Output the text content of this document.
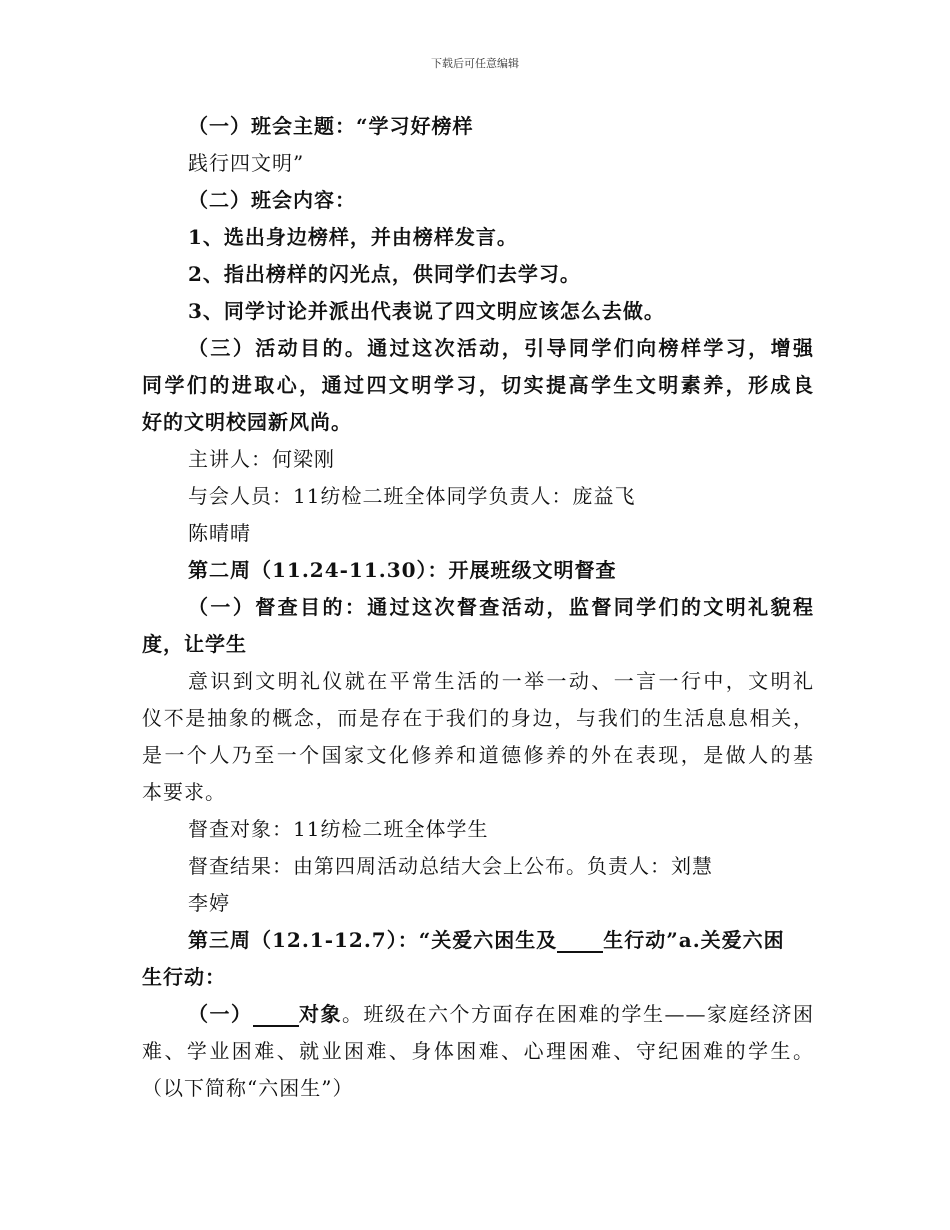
下载后可任意编辑
（一）班会主题：“学习好榜样
践行四文明”
（二）班会内容：
1、选出身边榜样，并由榜样发言。
2、指出榜样的闪光点，供同学们去学习。
3、同学讨论并派出代表说了四文明应该怎么去做。
（三）活动目的。通过这次活动，引导同学们向榜样学习，增强
同学们的进取心，通过四文明学习，切实提高学生文明素养，形成良
好的文明校园新风尚。
主讲人：何梁刚
与会人员：11纺检二班全体同学负责人：庞益飞
陈晴晴
第二周（11.24-11.30）：开展班级文明督查
（一）督查目的：通过这次督查活动，监督同学们的文明礼貌程
度，让学生
意识到文明礼仪就在平常生活的一举一动、一言一行中，文明礼
仪不是抽象的概念，而是存在于我们的身边，与我们的生活息息相关，
是一个人乃至一个国家文化修养和道德修养的外在表现，是做人的基
本要求。
督查对象：11纺检二班全体学生
督查结果：由第四周活动总结大会上公布。负责人：刘慧
李婷
第三周（12.1-12.7）：“关爱六困生及 生行动”a.关爱六困
生行动：
（一） 对象。班级在六个方面存在困难的学生——家庭经济困
难、学业困难、就业困难、身体困难、心理困难、守纪困难的学生。
（以下简称“六困生”）
